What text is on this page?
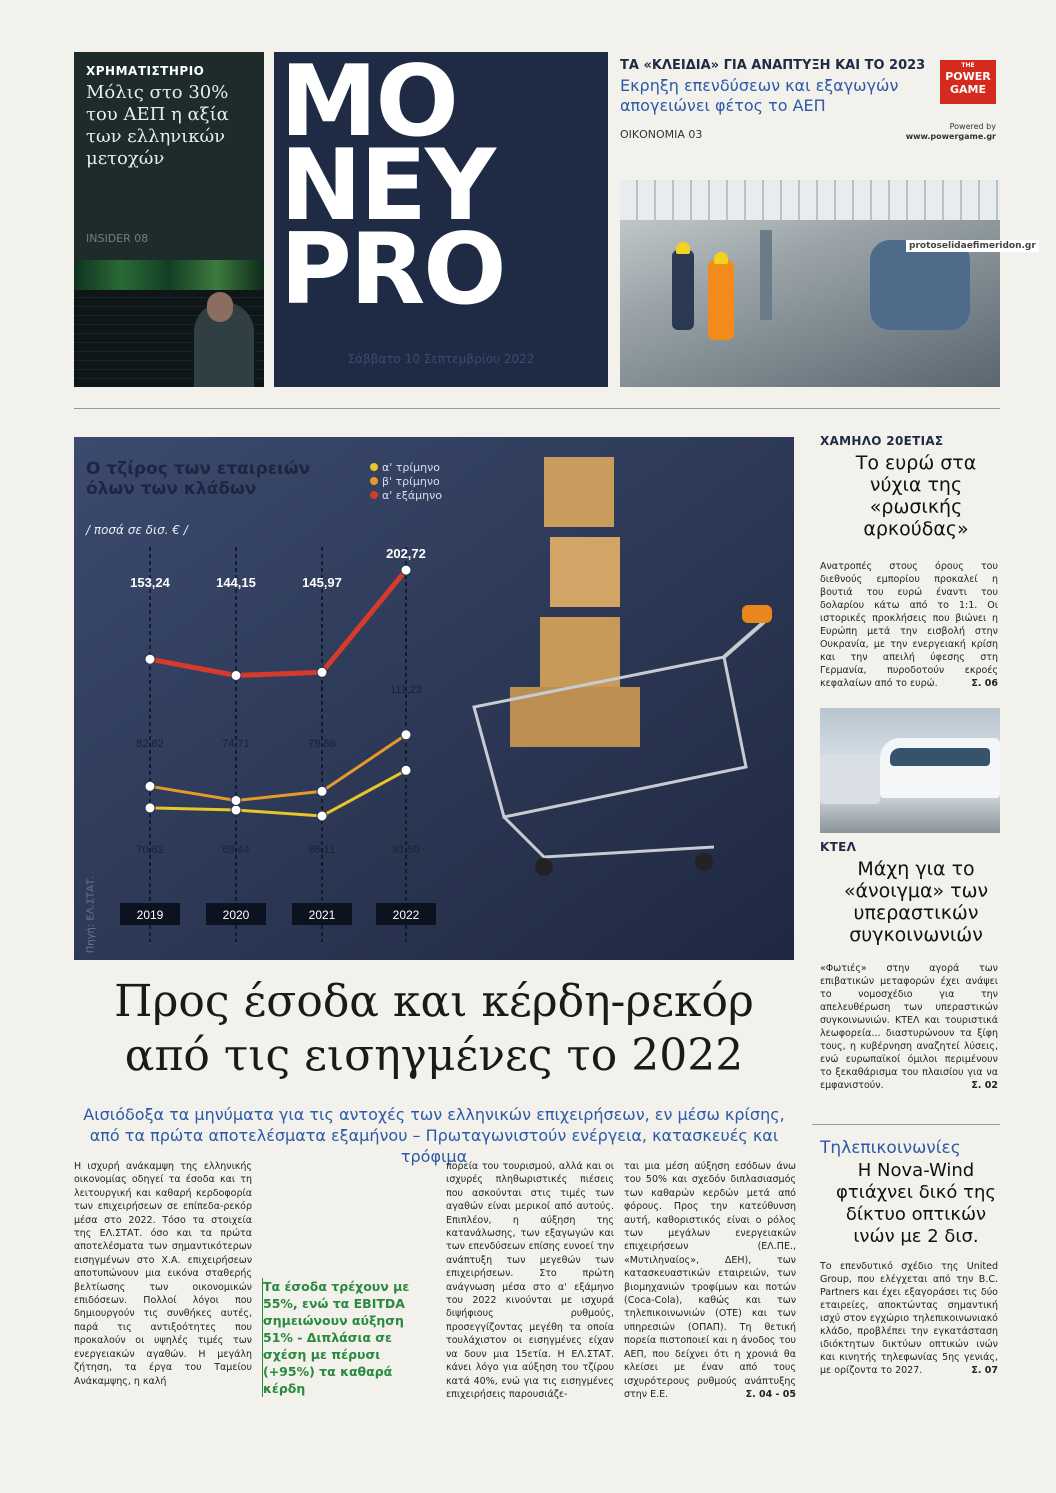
ΧΡΗΜΑΤΙΣΤΗΡΙΟ
Μόλις στο 30% του ΑΕΠ η αξία των ελληνικών μετοχών
INSIDER 08
MO
NEY
PRO
Σάββατο 10 Σεπτεμβρίου 2022
ΤΑ «ΚΛΕΙΔΙΑ» ΓΙΑ ΑΝΑΠΤΥΞΗ ΚΑΙ ΤΟ 2023
Εκρηξη επενδύσεων και εξαγωγών απογειώνει φέτος το ΑΕΠ
ΟΙΚΟΝΟΜΙΑ 03
THE
POWER
GAME
Powered by
www.powergame.gr
protoselidaefimeridon.gr
70,62	69,44	66,11	91,50
82,62	74,71	79,86
111,23
153,24	144,15	145,97
202,72
2019	2020	2021	2022
Ο τζίρος των εταιρειών όλων των κλάδων
/ ποσά σε δισ. € /
α' τρίμηνο
β' τρίμηνο
α' εξάμηνο
Πηγή: ΕΛ.ΣΤΑΤ.
ΧΑΜΗΛΟ 20ΕΤΙΑΣ
Το ευρώ στα νύχια της «ρωσικής αρκούδας»
Ανατροπές στους όρους του διεθνούς εμπορίου προκαλεί η βουτιά του ευρώ έναντι του δολαρίου κάτω από το 1:1. Οι ιστορικές προκλήσεις που βιώνει η Ευρώπη μετά την εισβολή στην Ουκρανία, με την ενεργειακή κρίση και την απειλή ύφεσης στη Γερμανία, πυροδοτούν εκροές κεφαλαίων από το ευρώ.	Σ. 06
ΚΤΕΛ
Μάχη για το «άνοιγμα» των υπεραστικών συγκοινωνιών
«Φωτιές» στην αγορά των επιβατικών μεταφορών έχει ανάψει το νομοσχέδιο για την απελευθέρωση των υπεραστικών συγκοινωνιών. ΚΤΕΛ και τουριστικά λεωφορεία... διαστυρώνουν τα ξίφη τους, η κυβέρνηση αναζητεί λύσεις, ενώ ευρωπαϊκοί όμιλοι περιμένουν το ξεκαθάρισμα του πλαισίου για να εμφανιστούν.	Σ. 02
Τηλεπικοινωνίες
Η Nova-Wind φτιάχνει δικό της δίκτυο οπτικών ινών με 2 δισ.
Το επενδυτικό σχέδιο της United Group, που ελέγχεται από την B.C. Partners και έχει εξαγοράσει τις δύο εταιρείες, αποκτώντας σημαντική ισχύ στον εγχώριο τηλεπικοινωνιακό κλάδο, προβλέπει την εγκατάσταση ιδιόκτητων δικτύων οπτικών ινών και κινητής τηλεφωνίας 5ης γενιάς, με ορίζοντα το 2027.	Σ. 07
Προς έσοδα και κέρδη-ρεκόρ
από τις εισηγμένες το 2022
Αισιόδοξα τα μηνύματα για τις αντοχές των ελληνικών επιχειρήσεων, εν μέσω κρίσης, από τα πρώτα αποτελέσματα εξαμήνου – Πρωταγωνιστούν ενέργεια, κατασκευές και τρόφιμα
Η ισχυρή ανάκαμψη της ελληνικής οικονομίας οδηγεί τα έσοδα και τη λειτουργική και καθαρή κερδοφορία των επιχειρήσεων σε επίπεδα-ρεκόρ μέσα στο 2022. Τόσο τα στοιχεία της ΕΛ.ΣΤΑΤ. όσο και τα πρώτα αποτελέσματα των σημαντικότερων εισηγμένων στο Χ.Α. επιχειρήσεων αποτυπώνουν μια εικόνα σταθερής βελτίωσης των οικονομικών επιδόσεων. Πολλοί λόγοι που δημιουργούν τις συνθήκες αυτές, παρά τις αντιξοότητες που προκαλούν οι υψηλές τιμές των ενεργειακών αγαθών. Η μεγάλη ζήτηση, τα έργα του Ταμείου Ανάκαμψης, η καλή
Τα έσοδα τρέχουν με 55%, ενώ τα EBITDA σημειώνουν αύξηση 51% - Διπλάσια σε σχέση με πέρυσι (+95%) τα καθαρά κέρδη
πορεία του τουρισμού, αλλά και οι ισχυρές πληθωριστικές πιέσεις που ασκούνται στις τιμές των αγαθών είναι μερικοί από αυτούς. Επιπλέον, η αύξηση της κατανάλωσης, των εξαγωγών και των επενδύσεων επίσης ευνοεί την ανάπτυξη των μεγεθών των επιχειρήσεων. Στο πρώτη ανάγνωση μέσα στο α' εξάμηνο του 2022 κινούνται με ισχυρά διψήφιους ρυθμούς, προσεγγίζοντας μεγέθη τα οποία τουλάχιστον οι εισηγμένες είχαν να δουν μια 15ετία. Η ΕΛ.ΣΤΑΤ. κάνει λόγο για αύξηση του τζίρου κατά 40%, ενώ για τις εισηγμένες επιχειρήσεις παρουσιάζε-
ται μια μέση αύξηση εσόδων άνω του 50% και σχεδόν διπλασιασμός των καθαρών κερδών μετά από φόρους. Προς την κατεύθυνση αυτή, καθοριστικός είναι ο ρόλος των μεγάλων ενεργειακών επιχειρήσεων (ΕΛ.ΠΕ., «Μυτιληναίος», ΔΕΗ), των κατασκευαστικών εταιρειών, των βιομηχανιών τροφίμων και ποτών (Coca-Cola), καθώς και των τηλεπικοινωνιών (ΟΤΕ) και των υπηρεσιών (ΟΠΑΠ). Τη θετική πορεία πιστοποιεί και η άνοδος του ΑΕΠ, που δείχνει ότι η χρονιά θα κλείσει με έναν από τους ισχυρότερους ρυθμούς ανάπτυξης στην Ε.Ε.	Σ. 04 - 05
